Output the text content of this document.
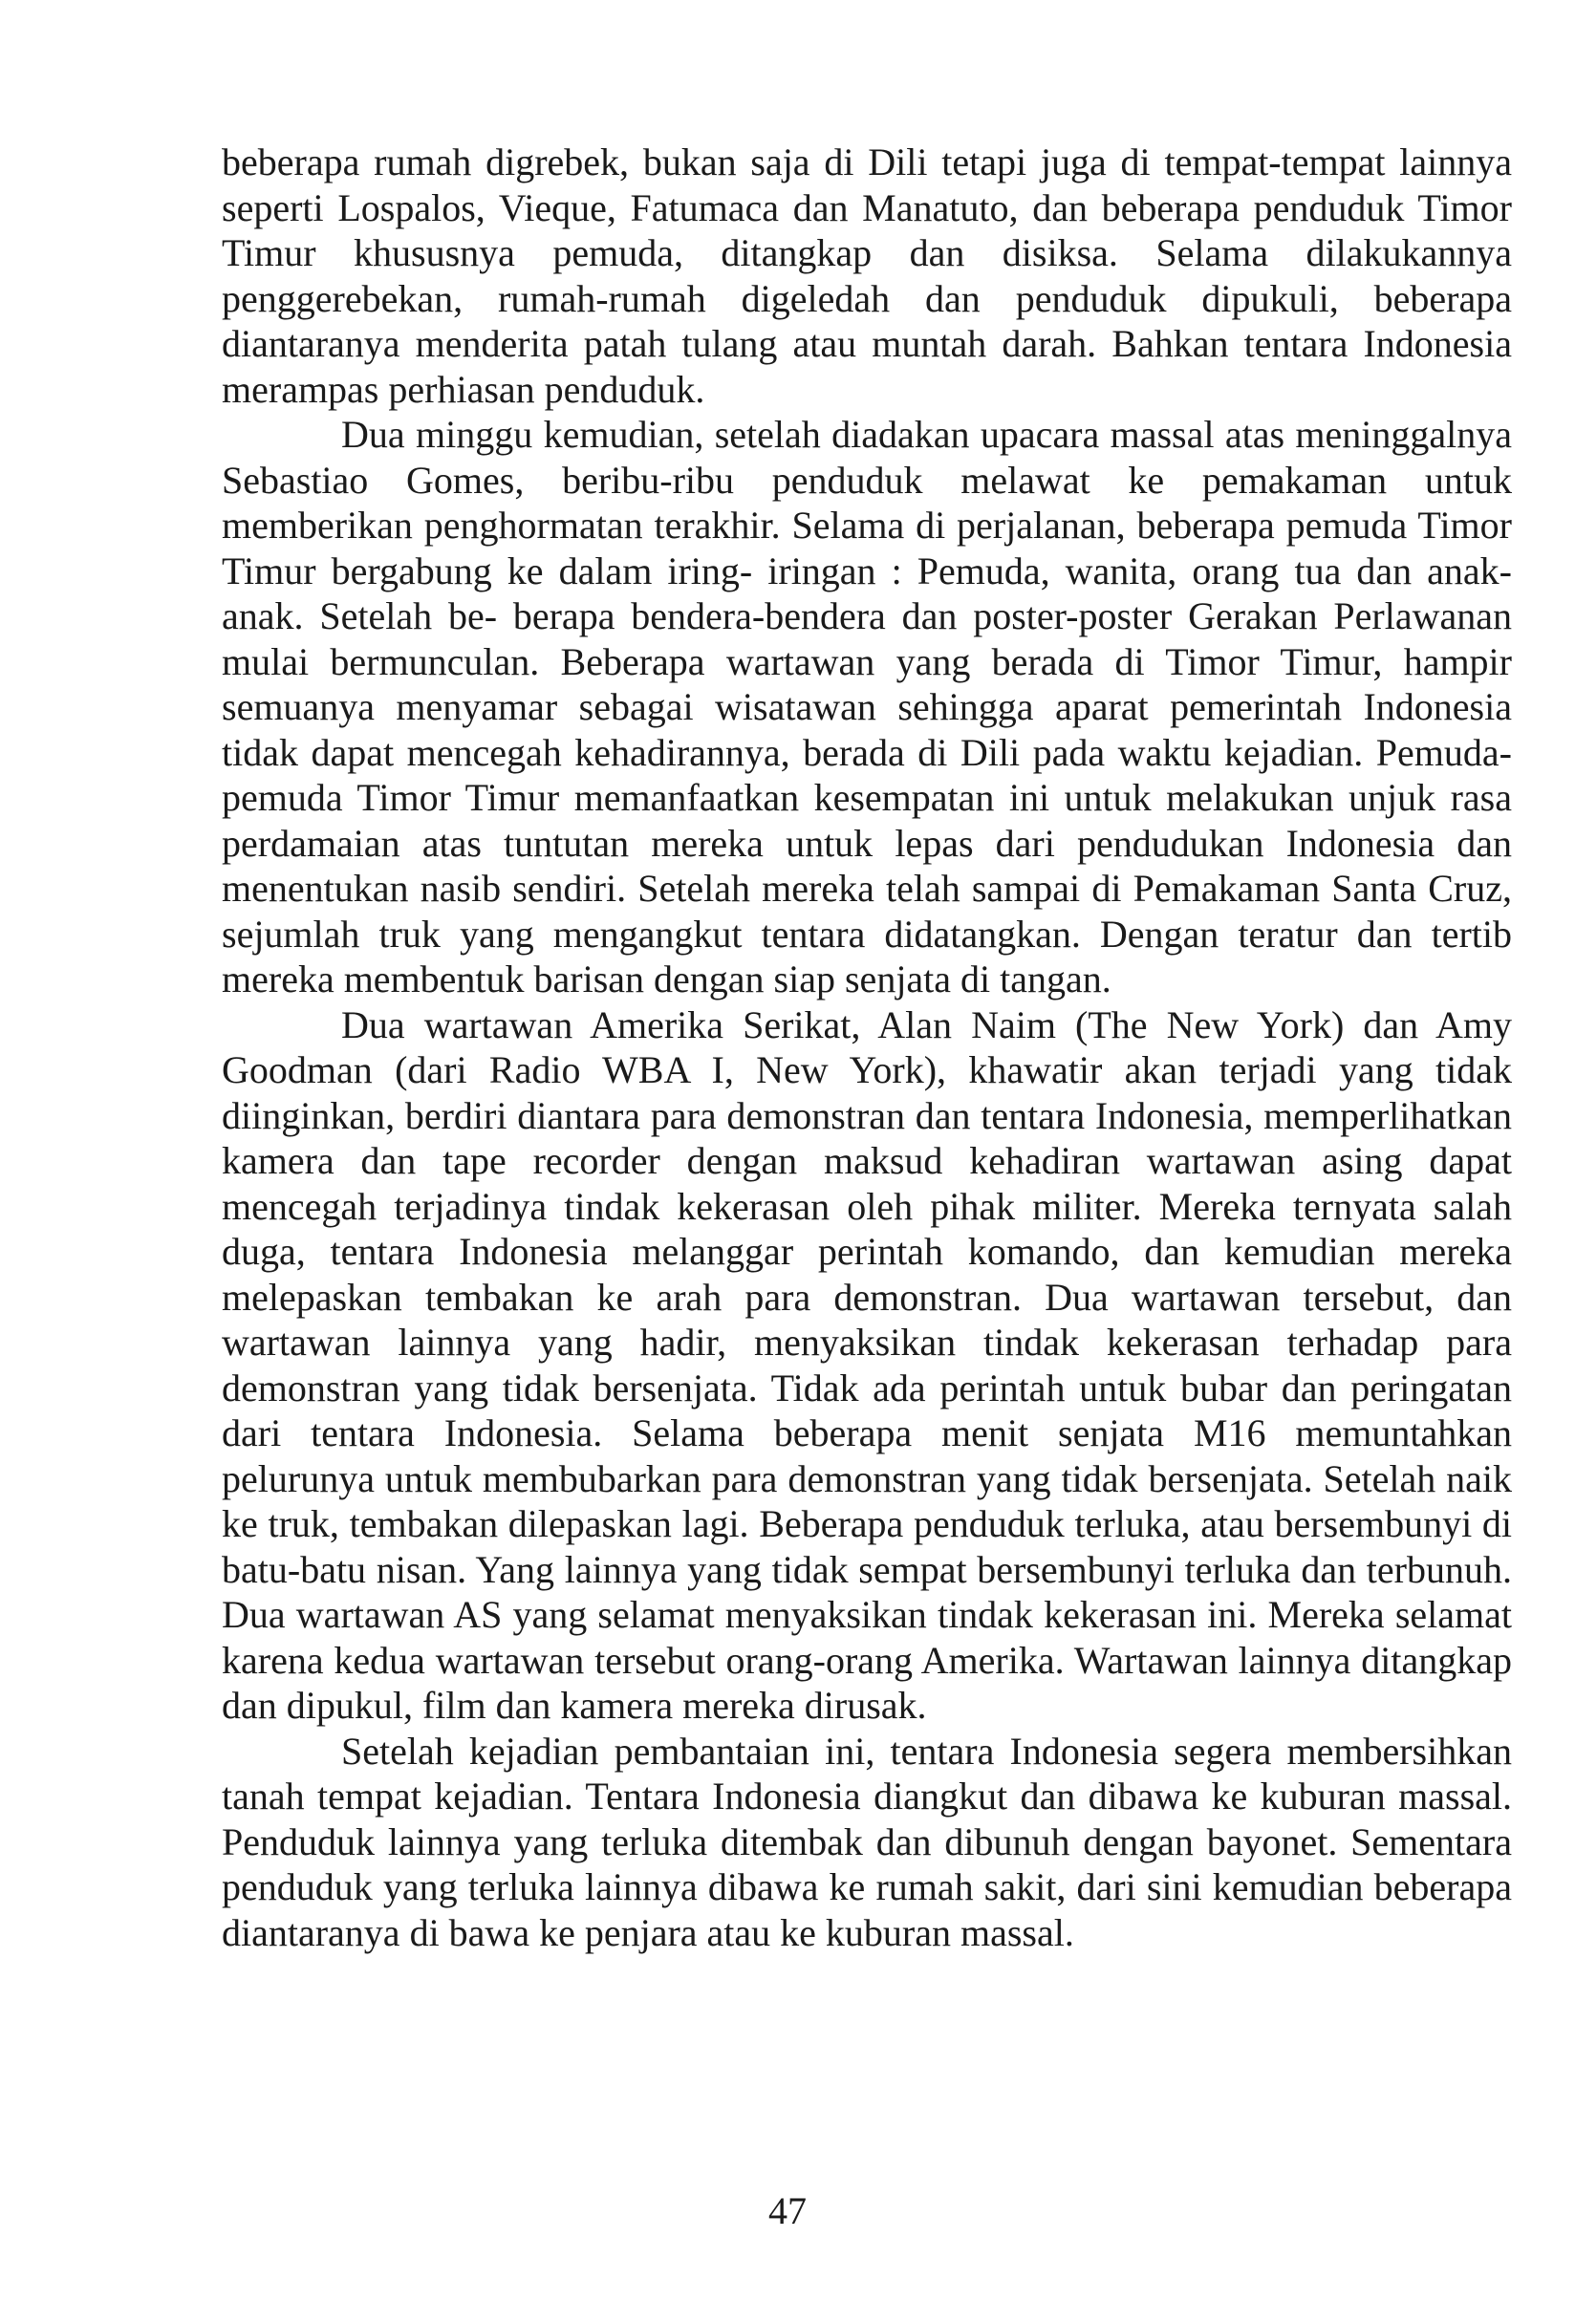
beberapa rumah digrebek, bukan saja di Dili tetapi juga di tempat-tempat lainnya seperti Lospalos, Vieque, Fatumaca dan Manatuto, dan beberapa penduduk Timor Timur khususnya pemuda, ditangkap dan disiksa. Selama dilakukannya penggerebekan, rumah-rumah digeledah dan penduduk dipukuli, beberapa diantaranya menderita patah tulang atau muntah darah. Bahkan tentara Indonesia merampas perhiasan penduduk.

Dua minggu kemudian, setelah diadakan upacara massal atas meninggalnya Sebastiao Gomes, beribu-ribu penduduk melawat ke pemakaman untuk memberikan penghormatan terakhir. Selama di perjalanan, beberapa pemuda Timor Timur bergabung ke dalam iring- iringan : Pemuda, wanita, orang tua dan anak-anak. Setelah be- berapa bendera-bendera dan poster-poster Gerakan Perlawanan mulai bermunculan. Beberapa wartawan yang berada di Timor Timur, hampir semuanya menyamar sebagai wisatawan sehingga aparat pemerintah Indonesia tidak dapat mencegah kehadirannya, berada di Dili pada waktu kejadian. Pemuda-pemuda Timor Timur memanfaatkan kesempatan ini untuk melakukan unjuk rasa perdamaian atas tuntutan mereka untuk lepas dari pendudukan Indonesia dan menentukan nasib sendiri. Setelah mereka telah sampai di Pemakaman Santa Cruz, sejumlah truk yang mengangkut tentara didatangkan. Dengan teratur dan tertib mereka membentuk barisan dengan siap senjata di tangan.

Dua wartawan Amerika Serikat, Alan Naim (The New York) dan Amy Goodman (dari Radio WBA I, New York), khawatir akan terjadi yang tidak diinginkan, berdiri diantara para demonstran dan tentara Indonesia, memperlihatkan kamera dan tape recorder dengan maksud kehadiran wartawan asing dapat mencegah terjadinya tindak kekerasan oleh pihak militer. Mereka ternyata salah duga, tentara Indonesia melanggar perintah komando, dan kemudian mereka melepaskan tembakan ke arah para demonstran. Dua wartawan tersebut, dan wartawan lainnya yang hadir, menyaksikan tindak kekerasan terhadap para demonstran yang tidak bersenjata. Tidak ada perintah untuk bubar dan peringatan dari tentara Indonesia. Selama beberapa menit senjata M16 memuntahkan pelurunya untuk membubarkan para demonstran yang tidak bersenjata. Setelah naik ke truk, tembakan dilepaskan lagi. Beberapa penduduk terluka, atau bersembunyi di batu-batu nisan. Yang lainnya yang tidak sempat bersembunyi terluka dan terbunuh. Dua wartawan AS yang selamat menyaksikan tindak kekerasan ini. Mereka selamat karena kedua wartawan tersebut orang-orang Amerika. Wartawan lainnya ditangkap dan dipukul, film dan kamera mereka dirusak.

Setelah kejadian pembantaian ini, tentara Indonesia segera membersihkan tanah tempat kejadian. Tentara Indonesia diangkut dan dibawa ke kuburan massal. Penduduk lainnya yang terluka ditembak dan dibunuh dengan bayonet. Sementara penduduk yang terluka lainnya dibawa ke rumah sakit, dari sini kemudian beberapa diantaranya di bawa ke penjara atau ke kuburan massal.

47
